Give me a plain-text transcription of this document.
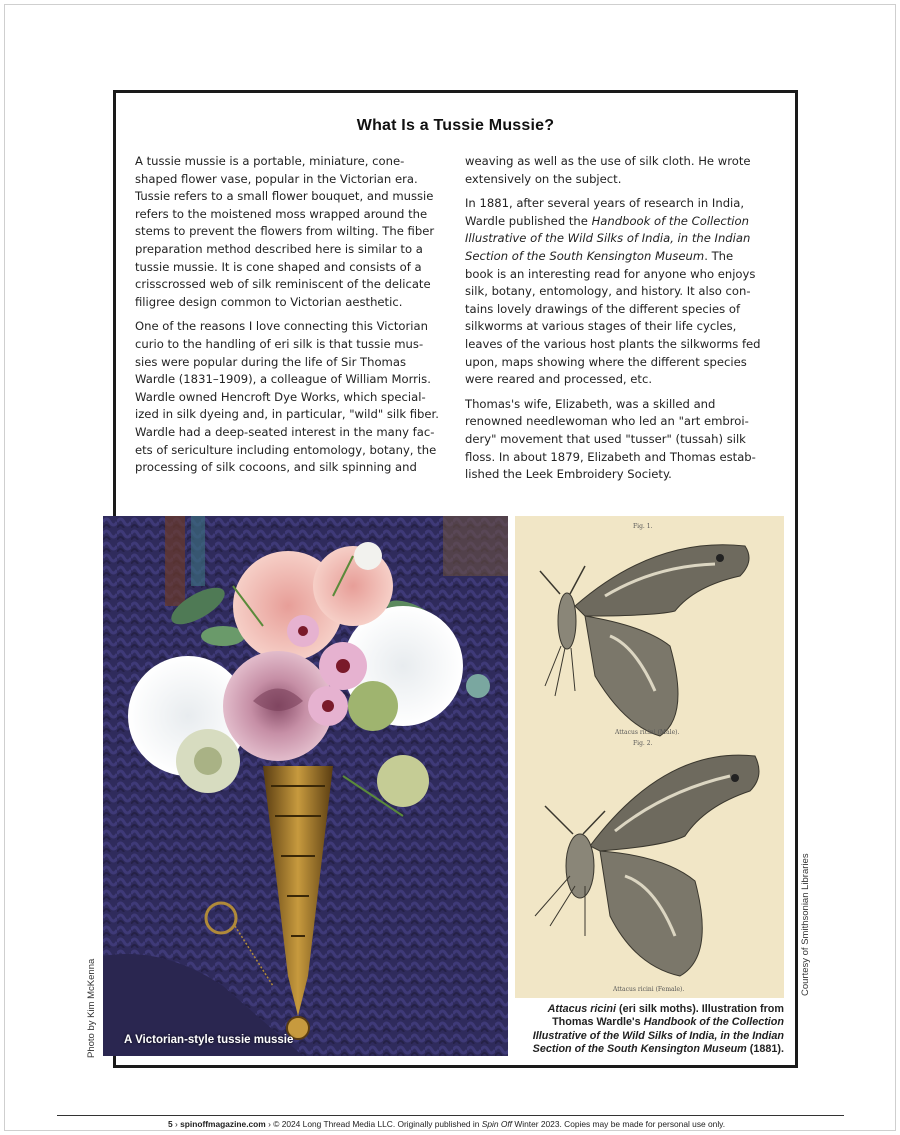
What Is a Tussie Mussie?

A tussie mussie is a portable, miniature, cone-
shaped flower vase, popular in the Victorian era.
Tussie refers to a small flower bouquet, and mussie
refers to the moistened moss wrapped around the
stems to prevent the flowers from wilting. The fiber
preparation method described here is similar to a
tussie mussie. It is cone shaped and consists of a
crisscrossed web of silk reminiscent of the delicate
filigree design common to Victorian aesthetic.

One of the reasons I love connecting this Victorian
curio to the handling of eri silk is that tussie mus-
sies were popular during the life of Sir Thomas
Wardle (1831–1909), a colleague of William Morris.
Wardle owned Hencroft Dye Works, which special-
ized in silk dyeing and, in particular, "wild" silk fiber.
Wardle had a deep-seated interest in the many fac-
ets of sericulture including entomology, botany, the
processing of silk cocoons, and silk spinning and

weaving as well as the use of silk cloth. He wrote
extensively on the subject.

In 1881, after several years of research in India,
Wardle published the Handbook of the Collection
Illustrative of the Wild Silks of India, in the Indian
Section of the South Kensington Museum. The
book is an interesting read for anyone who enjoys
silk, botany, entomology, and history. It also con-
tains lovely drawings of the different species of
silkworms at various stages of their life cycles,
leaves of the various host plants the silkworms fed
upon, maps showing where the different species
were reared and processed, etc.

Thomas's wife, Elizabeth, was a skilled and
renowned needlewoman who led an "art embroi-
dery" movement that used "tusser" (tussah) silk
floss. In about 1879, Elizabeth and Thomas estab-
lished the Leek Embroidery Society.

A Victorian-style tussie mussie
Photo by Kim McKenna
Fig. 1.
Attacus ricini (Male).
Fig. 2.
Attacus ricini (Female).	Courtesy of Smithsonian Libraries
Attacus ricini (eri silk moths). Illustration from
Thomas Wardle's Handbook of the Collection
Illustrative of the Wild Silks of India, in the Indian
Section of the South Kensington Museum (1881).
5 › spinoffmagazine.com › © 2024 Long Thread Media LLC. Originally published in Spin Off Winter 2023. Copies may be made for personal use only.
